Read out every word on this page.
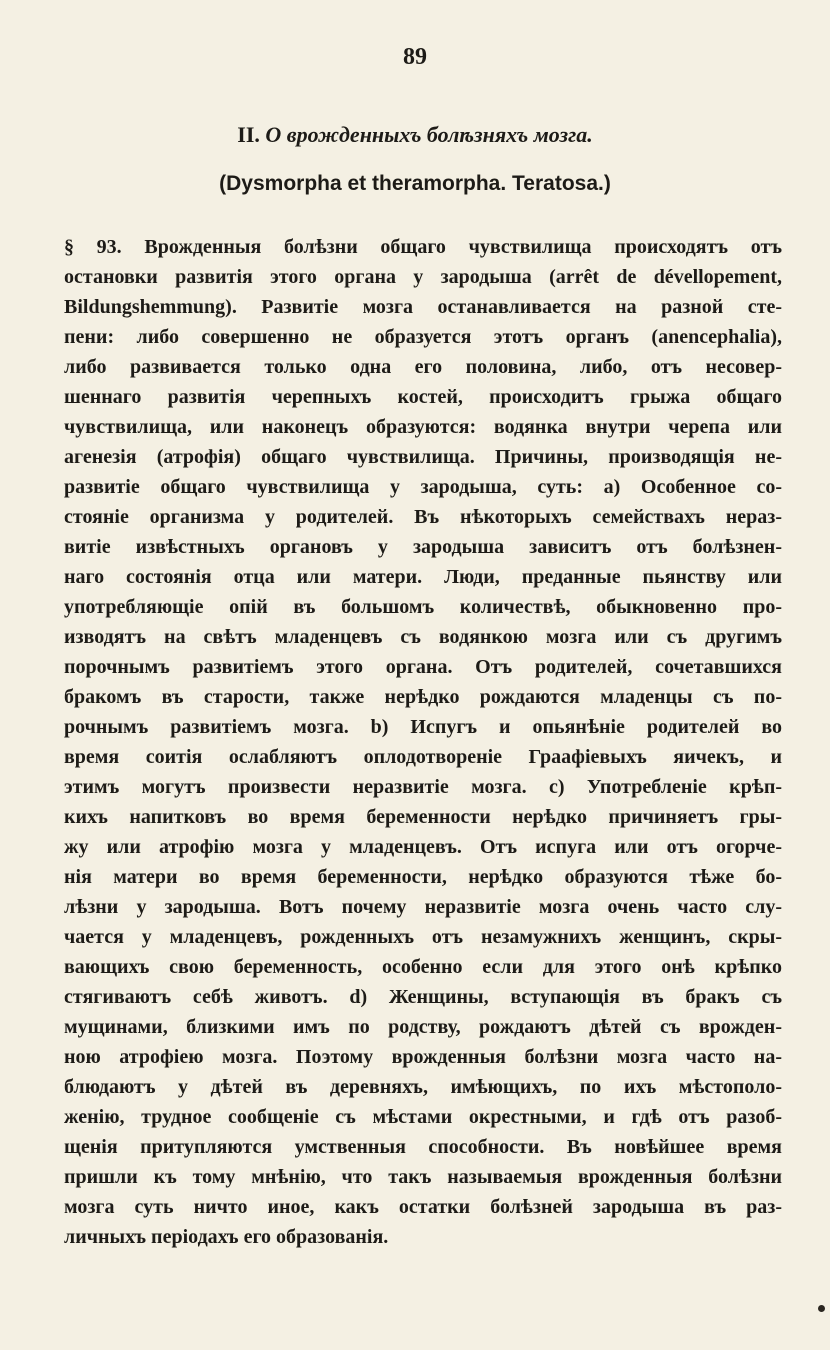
89
II. О врожденныхъ болѣзняхъ мозга.
(Dysmorpha et theramorpha. Teratosa.)
§ 93. Врожденныя болѣзни общаго чувствилища происходятъ отъ
остановки развитія этого органа у зародыша (arrêt de dévellopement,
Bildungshemmung). Развитіе мозга останавливается на разной сте-
пени: либо совершенно не образуется этотъ органъ (anencephalia),
либо развивается только одна его половина, либо, отъ несовер-
шеннаго развитія черепныхъ костей, происходитъ грыжа общаго
чувствилища, или наконецъ образуются: водянка внутри черепа или
агенезія (атрофія) общаго чувствилища. Причины, производящія не-
развитіе общаго чувствилища у зародыша, суть: а) Особенное со-
стояніе организма у родителей. Въ нѣкоторыхъ семействахъ нераз-
витіе извѣстныхъ органовъ у зародыша зависитъ отъ болѣзнен-
наго состоянія отца или матери. Люди, преданные пьянству или
употребляющіе опій въ большомъ количествѣ, обыкновенно про-
изводятъ на свѣтъ младенцевъ съ водянкою мозга или съ другимъ
порочнымъ развитіемъ этого органа. Отъ родителей, сочетавшихся
бракомъ въ старости, также нерѣдко рождаются младенцы съ по-
рочнымъ развитіемъ мозга. b) Испугъ и опьянѣніе родителей во
время соитія ослабляютъ оплодотвореніе Граафіевыхъ яичекъ, и
этимъ могутъ произвести неразвитіе мозга. с) Употребленіе крѣп-
кихъ напитковъ во время беременности нерѣдко причиняетъ гры-
жу или атрофію мозга у младенцевъ. Отъ испуга или отъ огорче-
нія матери во время беременности, нерѣдко образуются тѣже бо-
лѣзни у зародыша. Вотъ почему неразвитіе мозга очень часто слу-
чается у младенцевъ, рожденныхъ отъ незамужнихъ женщинъ, скры-
вающихъ свою беременность, особенно если для этого онѣ крѣпко
стягиваютъ себѣ животъ. d) Женщины, вступающія въ бракъ съ
мущинами, близкими имъ по родству, рождаютъ дѣтей съ врожден-
ною атрофіею мозга. Поэтому врожденныя болѣзни мозга часто на-
блюдаютъ у дѣтей въ деревняхъ, имѣющихъ, по ихъ мѣстополо-
женію, трудное сообщеніе съ мѣстами окрестными, и гдѣ отъ разоб-
щенія притупляются умственныя способности. Въ новѣйшее время
пришли къ тому мнѣнію, что такъ называемыя врожденныя болѣзни
мозга суть ничто иное, какъ остатки болѣзней зародыша въ раз-
личныхъ періодахъ его образованія.
